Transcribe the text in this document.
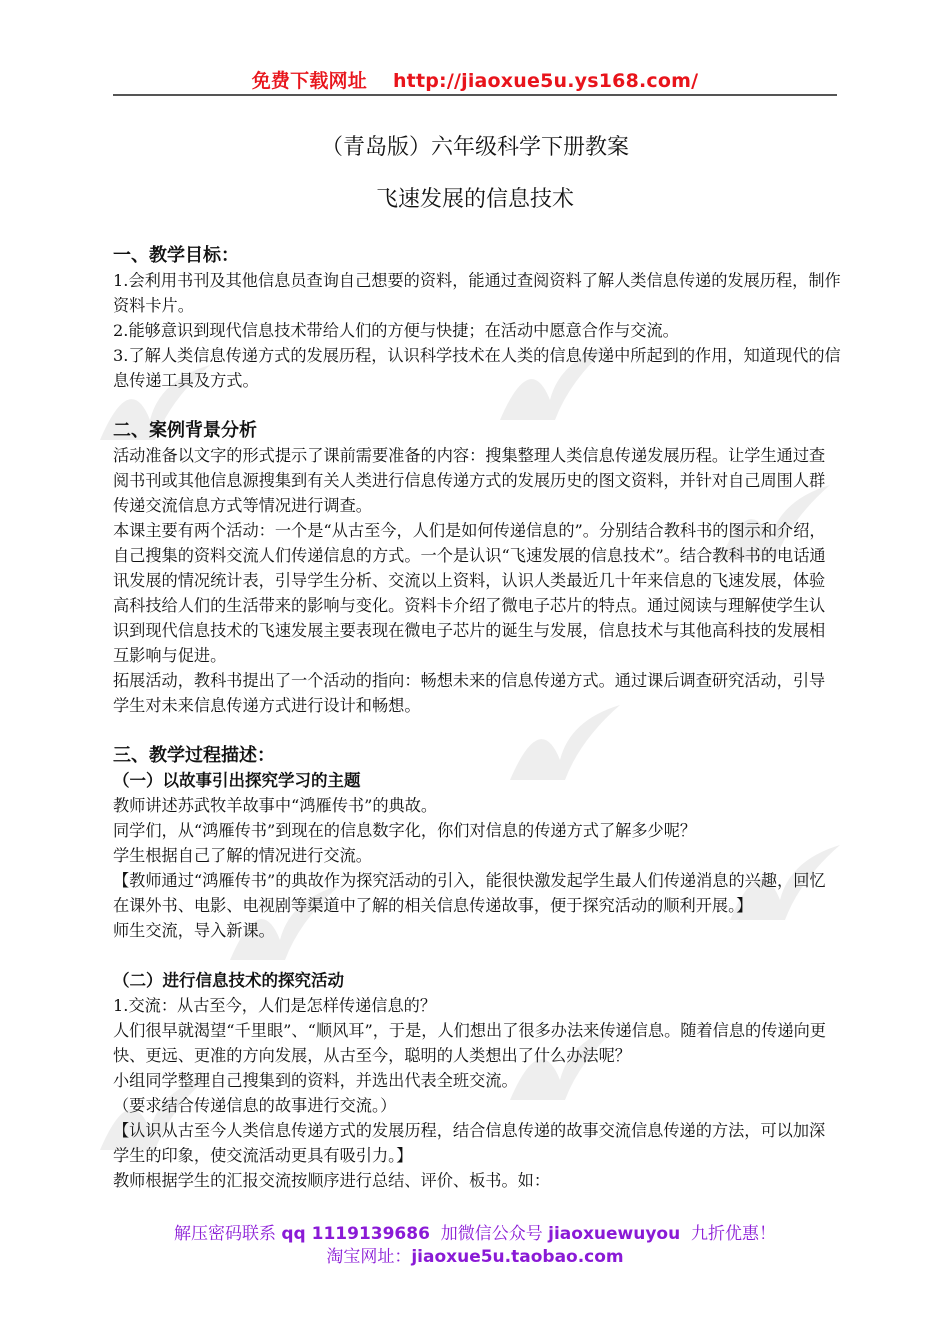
免费下载网址 http://jiaoxue5u.ys168.com/
（青岛版）六年级科学下册教案
飞速发展的信息技术
一、教学目标：

1.会利用书刊及其他信息员查询自己想要的资料，能通过查阅资料了解人类信息传递的发展历程，制作资料卡片。

2.能够意识到现代信息技术带给人们的方便与快捷；在活动中愿意合作与交流。

3.了解人类信息传递方式的发展历程，认识科学技术在人类的信息传递中所起到的作用，知道现代的信息传递工具及方式。

二、案例背景分析

活动准备以文字的形式提示了课前需要准备的内容：搜集整理人类信息传递发展历程。让学生通过查阅书刊或其他信息源搜集到有关人类进行信息传递方式的发展历史的图文资料，并针对自己周围人群传递交流信息方式等情况进行调查。

本课主要有两个活动：一个是“从古至今，人们是如何传递信息的”。分别结合教科书的图示和介绍，自己搜集的资料交流人们传递信息的方式。一个是认识“飞速发展的信息技术”。结合教科书的电话通讯发展的情况统计表，引导学生分析、交流以上资料，认识人类最近几十年来信息的飞速发展，体验高科技给人们的生活带来的影响与变化。资料卡介绍了微电子芯片的特点。通过阅读与理解使学生认识到现代信息技术的飞速发展主要表现在微电子芯片的诞生与发展，信息技术与其他高科技的发展相互影响与促进。

拓展活动，教科书提出了一个活动的指向：畅想未来的信息传递方式。通过课后调查研究活动，引导学生对未来信息传递方式进行设计和畅想。

三、教学过程描述：
（一）以故事引出探究学习的主题

教师讲述苏武牧羊故事中“鸿雁传书”的典故。

同学们，从“鸿雁传书”到现在的信息数字化，你们对信息的传递方式了解多少呢？

学生根据自己了解的情况进行交流。

【教师通过“鸿雁传书”的典故作为探究活动的引入，能很快激发起学生最人们传递消息的兴趣，回忆在课外书、电影、电视剧等渠道中了解的相关信息传递故事，便于探究活动的顺利开展。】

师生交流，导入新课。

（二）进行信息技术的探究活动

1.交流：从古至今，人们是怎样传递信息的？

人们很早就渴望“千里眼”、“顺风耳”，于是，人们想出了很多办法来传递信息。随着信息的传递向更快、更远、更准的方向发展，从古至今，聪明的人类想出了什么办法呢？

小组同学整理自己搜集到的资料，并选出代表全班交流。

（要求结合传递信息的故事进行交流。）

【认识从古至今人类信息传递方式的发展历程，结合信息传递的故事交流信息传递的方法，可以加深学生的印象，使交流活动更具有吸引力。】

教师根据学生的汇报交流按顺序进行总结、评价、板书。如：

解压密码联系 qq 1119139686 加微信公众号 jiaoxuewuyou 九折优惠！
淘宝网址：jiaoxue5u.taobao.com
